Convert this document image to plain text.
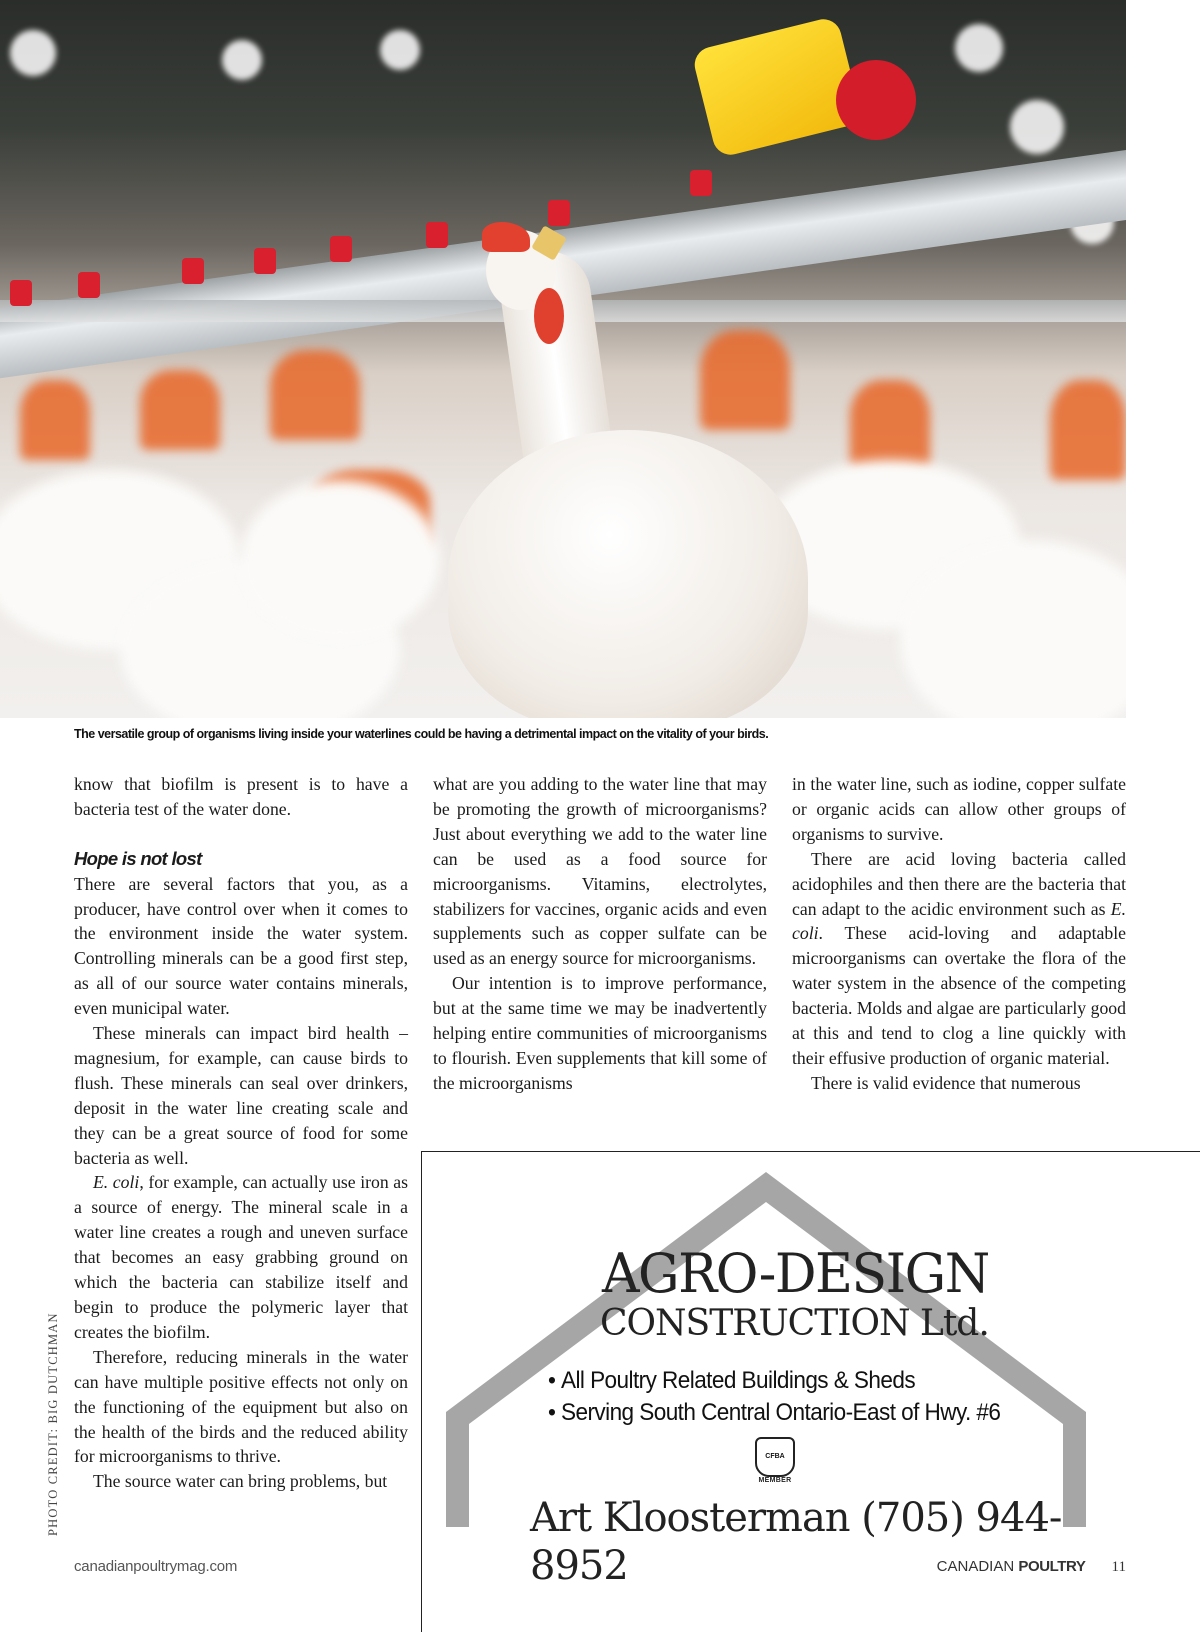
The versatile group of organisms living inside your waterlines could be having a detrimental impact on the vitality of your birds.

know that biofilm is present is to have a bacteria test of the water done.

Hope is not lost

There are several factors that you, as a producer, have control over when it comes to the environment inside the water system. Controlling minerals can be a good first step, as all of our source water contains minerals, even municipal water.

These minerals can impact bird health – magnesium, for example, can cause birds to flush. These minerals can seal over drinkers, deposit in the water line creating scale and they can be a great source of food for some bacteria as well.

E. coli, for example, can actually use iron as a source of energy. The mineral scale in a water line creates a rough and uneven surface that becomes an easy grabbing ground on which the bacteria can stabilize itself and begin to produce the polymeric layer that creates the biofilm.

Therefore, reducing minerals in the water can have multiple positive effects not only on the functioning of the equipment but also on the health of the birds and the reduced ability for microorganisms to thrive.

The source water can bring problems, but

what are you adding to the water line that may be promoting the growth of microorganisms? Just about everything we add to the water line can be used as a food source for microorganisms. Vitamins, electrolytes, stabilizers for vaccines, organic acids and even supplements such as copper sulfate can be used as an energy source for microorganisms.

Our intention is to improve performance, but at the same time we may be inadvertently helping entire communities of microorganisms to flourish. Even supplements that kill some of the microorganisms

in the water line, such as iodine, copper sulfate or organic acids can allow other groups of organisms to survive.

There are acid loving bacteria called acidophiles and then there are the bacteria that can adapt to the acidic environment such as E. coli. These acid-loving and adaptable microorganisms can overtake the flora of the water system in the absence of the competing bacteria. Molds and algae are particularly good at this and tend to clog a line quickly with their effusive production of organic material.

There is valid evidence that numerous

PHOTO CREDIT: BIG DUTCHMAN
AGRO-DESIGN
CONSTRUCTION Ltd.
• All Poultry Related Buildings & Sheds
• Serving South Central Ontario-East of Hwy. #6
CFBA
MEMBER
Art Kloosterman (705) 944-8952
canadianpoultrymag.com	CANADIAN POULTRY 11
